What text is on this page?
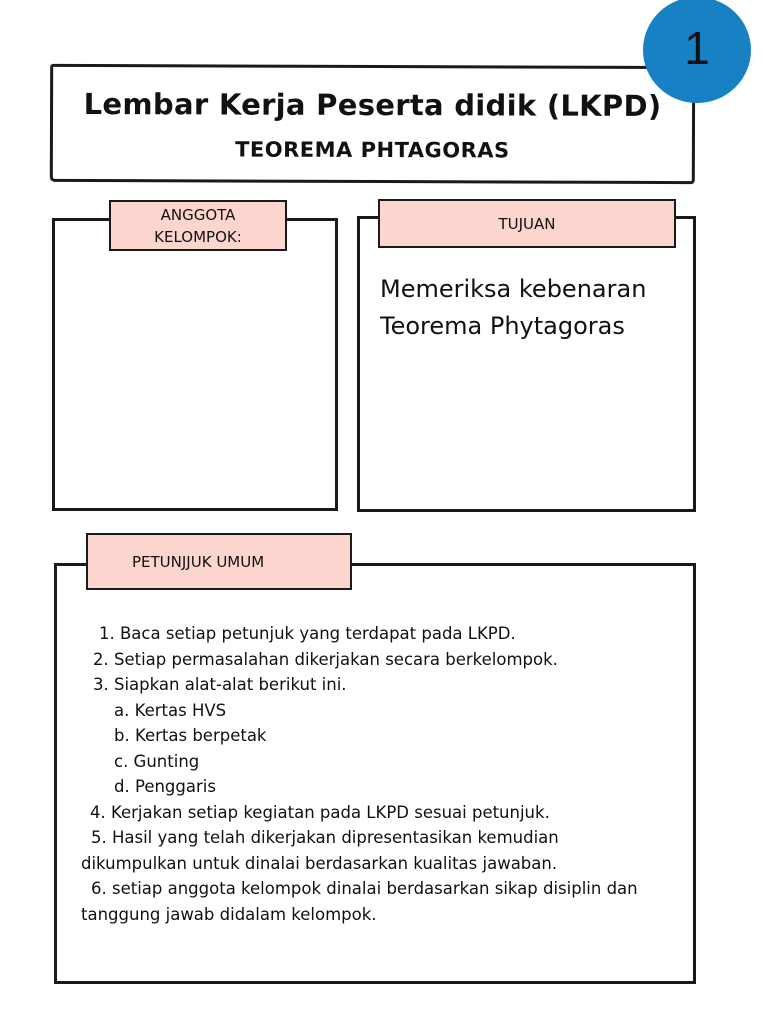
Lembar Kerja Peserta didik (LKPD)
TEOREMA PHTAGORAS
1
ANGGOTA
KELOMPOK:
Memeriksa kebenaran
Teorema Phytagoras
TUJUAN
1. Baca setiap petunjuk yang terdapat pada LKPD.
2. Setiap permasalahan dikerjakan secara berkelompok.
3. Siapkan alat-alat berikut ini.
a. Kertas HVS
b. Kertas berpetak
c. Gunting
d. Penggaris
4. Kerjakan setiap kegiatan pada LKPD sesuai petunjuk.
5. Hasil yang telah dikerjakan dipresentasikan kemudian
dikumpulkan untuk dinalai berdasarkan kualitas jawaban.
6. setiap anggota kelompok dinalai berdasarkan sikap disiplin dan
tanggung jawab didalam kelompok.
PETUNJJUK UMUM
